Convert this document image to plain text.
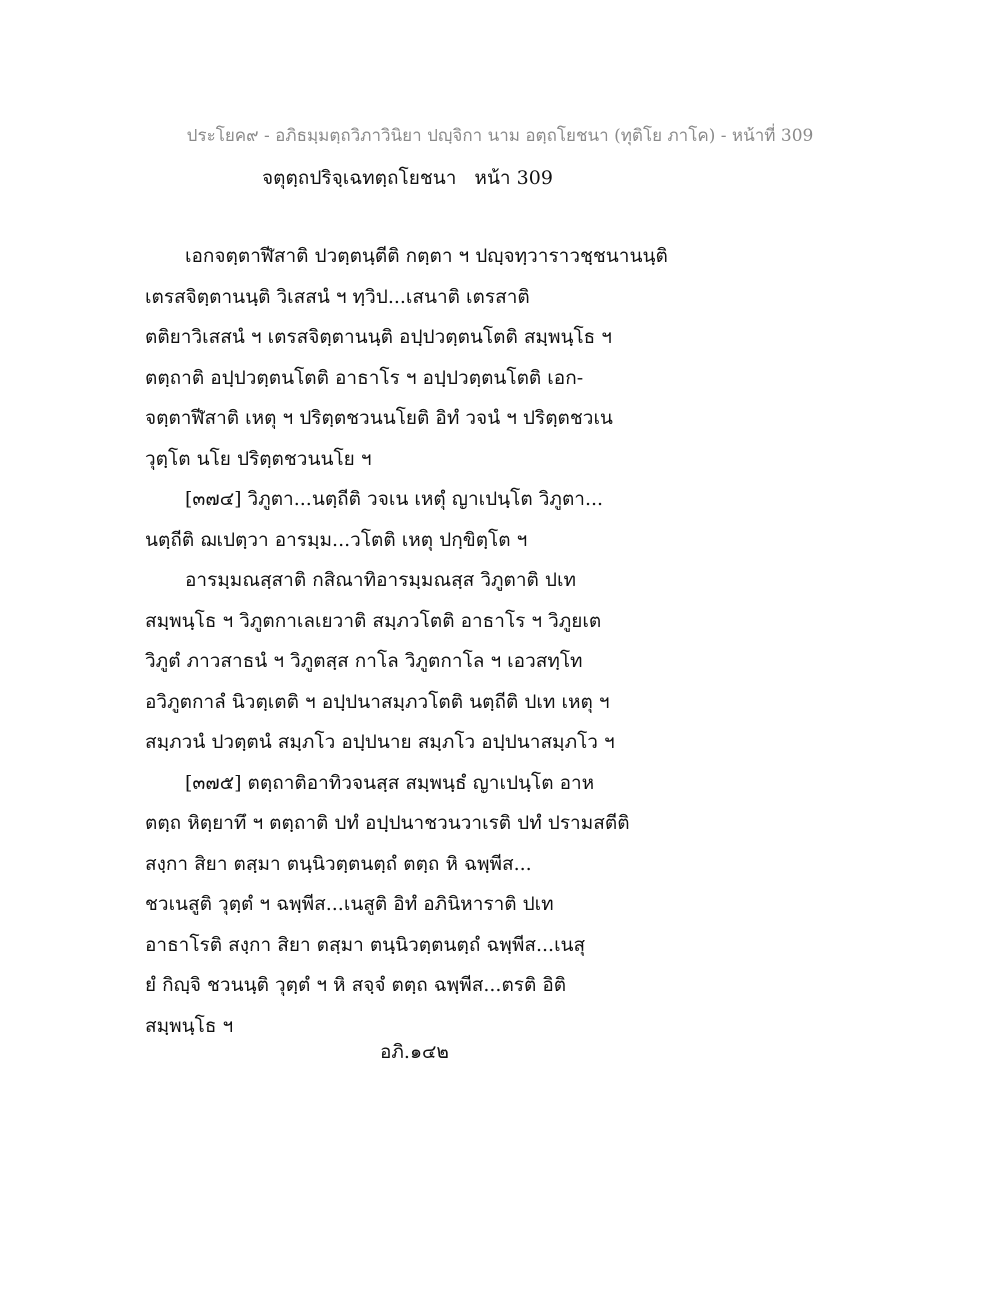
ประโยค๙ - อภิธมฺมตฺถวิภาวินิยา ปญฺจิกา นาม อตฺถโยชนา (ทุติโย ภาโค) - หน้าที่ 309
จตุตฺถปริจฺเฉทตฺถโยชนา หน้า 309
เอกจตฺตาฬีสาติ ปวตฺตนฺตีติ กตฺตา ฯ ปญฺจทฺวาราวชฺชนานนฺติ
เตรสจิตฺตานนฺติ วิเสสนํ ฯ ทฺวิป...เสนาติ เตรสาติ
ตติยาวิเสสนํ ฯ เตรสจิตฺตานนฺติ อปฺปวตฺตนโตติ สมฺพนฺโธ ฯ
ตตฺถาติ อปฺปวตฺตนโตติ อาธาโร ฯ อปฺปวตฺตนโตติ เอก-
จตฺตาฬีสาติ เหตุ ฯ ปริตฺตชวนนโยติ อิทํ วจนํ ฯ ปริตฺตชวเน
วุตฺโต นโย ปริตฺตชวนนโย ฯ
[๓๗๔] วิภูตา...นตฺถีติ วจเน เหตุํ ญาเปนฺโต วิภูตา...
นตฺถีติ ฌเปตฺวา อารมฺม...วโตติ เหตุ ปกฺขิตฺโต ฯ
อารมฺมณสฺสาติ กสิณาทิอารมฺมณสฺส วิภูตาติ ปเท
สมฺพนฺโธ ฯ วิภูตกาเลเยวาติ สมฺภวโตติ อาธาโร ฯ วิภูยเต
วิภูตํ ภาวสาธนํ ฯ วิภูตสฺส กาโล วิภูตกาโล ฯ เอวสทฺโท
อวิภูตกาลํ นิวตฺเตติ ฯ อปฺปนาสมฺภวโตติ นตฺถีติ ปเท เหตุ ฯ
สมฺภวนํ ปวตฺตนํ สมฺภโว อปฺปนาย สมฺภโว อปฺปนาสมฺภโว ฯ
[๓๗๕] ตตฺถาติอาทิวจนสฺส สมฺพนฺธํ ญาเปนฺโต อาห
ตตฺถ หิตฺยาทึ ฯ ตตฺถาติ ปทํ อปฺปนาชวนวาเรติ ปทํ ปรามสตีติ
สงฺกา สิยา ตสฺมา ตนฺนิวตฺตนตฺถํ ตตฺถ หิ ฉพฺพีส...
ชวเนสูติ วุตฺตํ ฯ ฉพฺพีส...เนสูติ อิทํ อภินิหาราติ ปเท
อาธาโรติ สงฺกา สิยา ตสฺมา ตนฺนิวตฺตนตฺถํ ฉพฺพีส...เนสุ
ยํ กิญฺจิ ชวนนฺติ วุตฺตํ ฯ หิ สจฺจํ ตตฺถ ฉพฺพีส...ตรติ อิติ
สมฺพนฺโธ ฯ
อภิ.๑๔๒
